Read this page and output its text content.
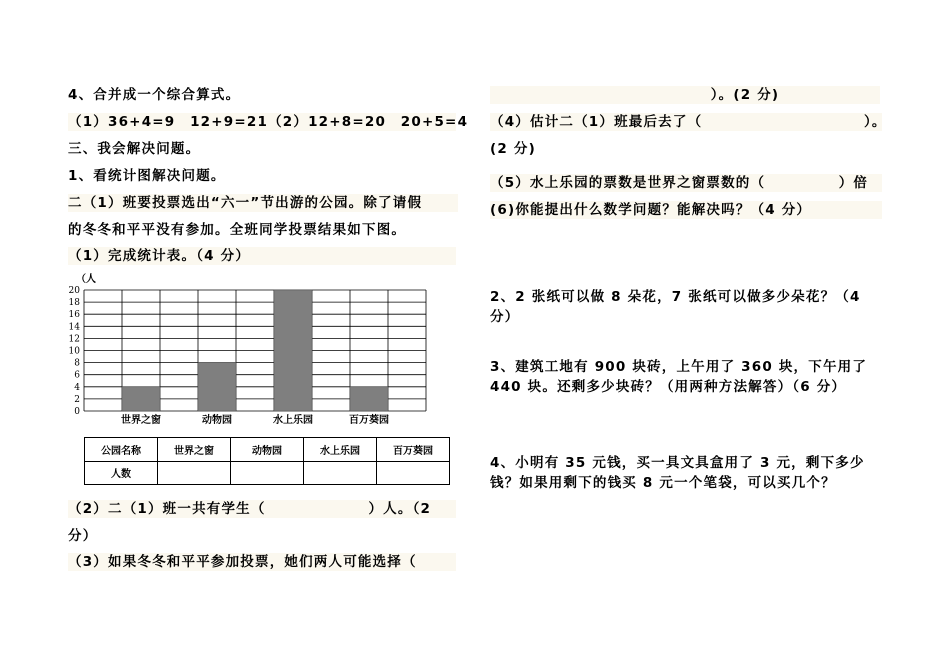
4、合并成一个综合算式。
（1）36+4=9　12+9=21（2）12+8=20　20+5=4
三、我会解决问题。
1、看统计图解决问题。
二（1）班要投票选出“六一”节出游的公园。除了请假
的冬冬和平平没有参加。全班同学投票结果如下图。
（1）完成统计表。（4 分）
（人
0
2
4
6
8
10
12
14
16
18
20
世界之窗	动物园	水上乐园	百万葵园
公园名称	世界之窗	动物园	水上乐园	百万葵园
人数				
（2）二（1）班一共有学生（　　　　　　　）人。（2
分）
（3）如果冬冬和平平参加投票，她们两人可能选择（
）。(2 分)
（4）估计二（1）班最后去了（　　　　　　　　　　　）。
(2 分)
（5）水上乐园的票数是世界之窗票数的（　　　　　）倍
(6)你能提出什么数学问题？能解决吗？（4 分）
2、2 张纸可以做 8 朵花，7 张纸可以做多少朵花？（4 分）
3、建筑工地有 900 块砖，上午用了 360 块，下午用了 440 块。还剩多少块砖？（用两种方法解答）（6 分）
4、小明有 35 元钱，买一具文具盒用了 3 元，剩下多少钱？如果用剩下的钱买 8 元一个笔袋，可以买几个？
